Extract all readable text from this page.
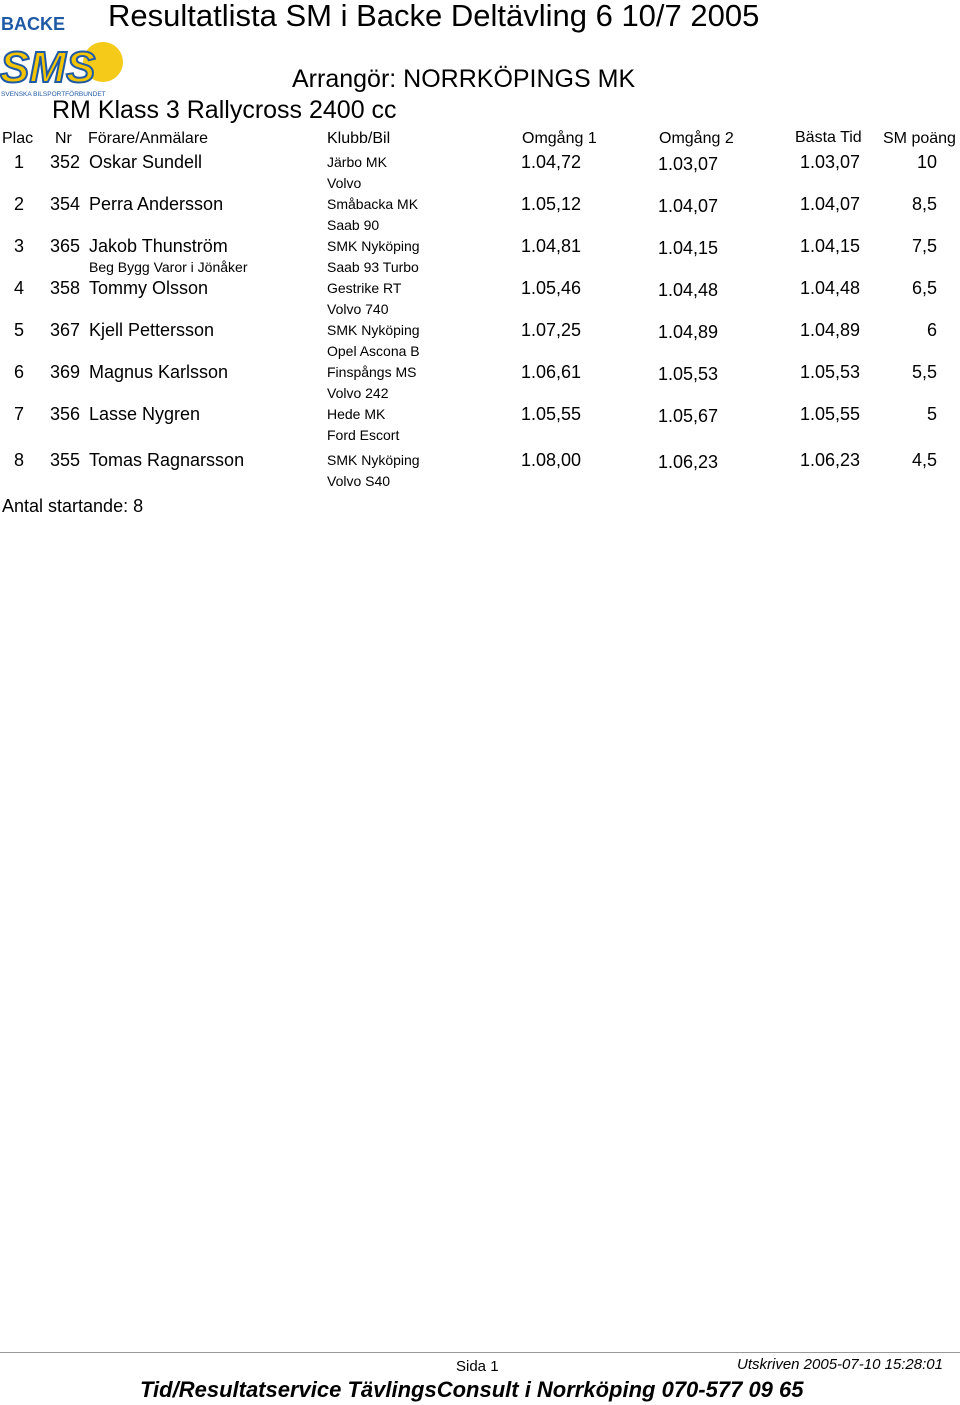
BACKE
SMS
SVENSKA BILSPORTFÖRBUNDET
Resultatlista SM i Backe Deltävling 6 10/7 2005
Arrangör: NORRKÖPINGS MK
RM Klass 3 Rallycross 2400 cc
Plac Nr Förare/Anmälare	Klubb/Bil	Omgång 1	Omgång 2	Bästa Tid SM poäng
1 352 Oskar Sundell	Järbo MK
Volvo
1.04,72	1.03,07	1.03,07	10
2 354 Perra Andersson	Småbacka MK
Saab 90
1.05,12	1.04,07	1.04,07	8,5
3 365 Jakob Thunström
Beg Bygg Varor i Jönåker
SMK Nyköping
Saab 93 Turbo
1.04,81	1.04,15	1.04,15	7,5
4 358 Tommy Olsson	Gestrike RT
Volvo 740
1.05,46	1.04,48	1.04,48	6,5
5 367 Kjell Pettersson	SMK Nyköping
Opel Ascona B
1.07,25	1.04,89	1.04,89	6
6 369 Magnus Karlsson	Finspångs MS
Volvo 242
1.06,61	1.05,53	1.05,53	5,5
7 356 Lasse Nygren	Hede MK
Ford Escort
1.05,55	1.05,67	1.05,55	5
8 355 Tomas Ragnarsson	SMK Nyköping
Volvo S40
1.08,00	1.06,23	1.06,23	4,5
Antal startande: 8
Sida 1	Utskriven 2005-07-10 15:28:01
Tid/Resultatservice TävlingsConsult i Norrköping 070-577 09 65
